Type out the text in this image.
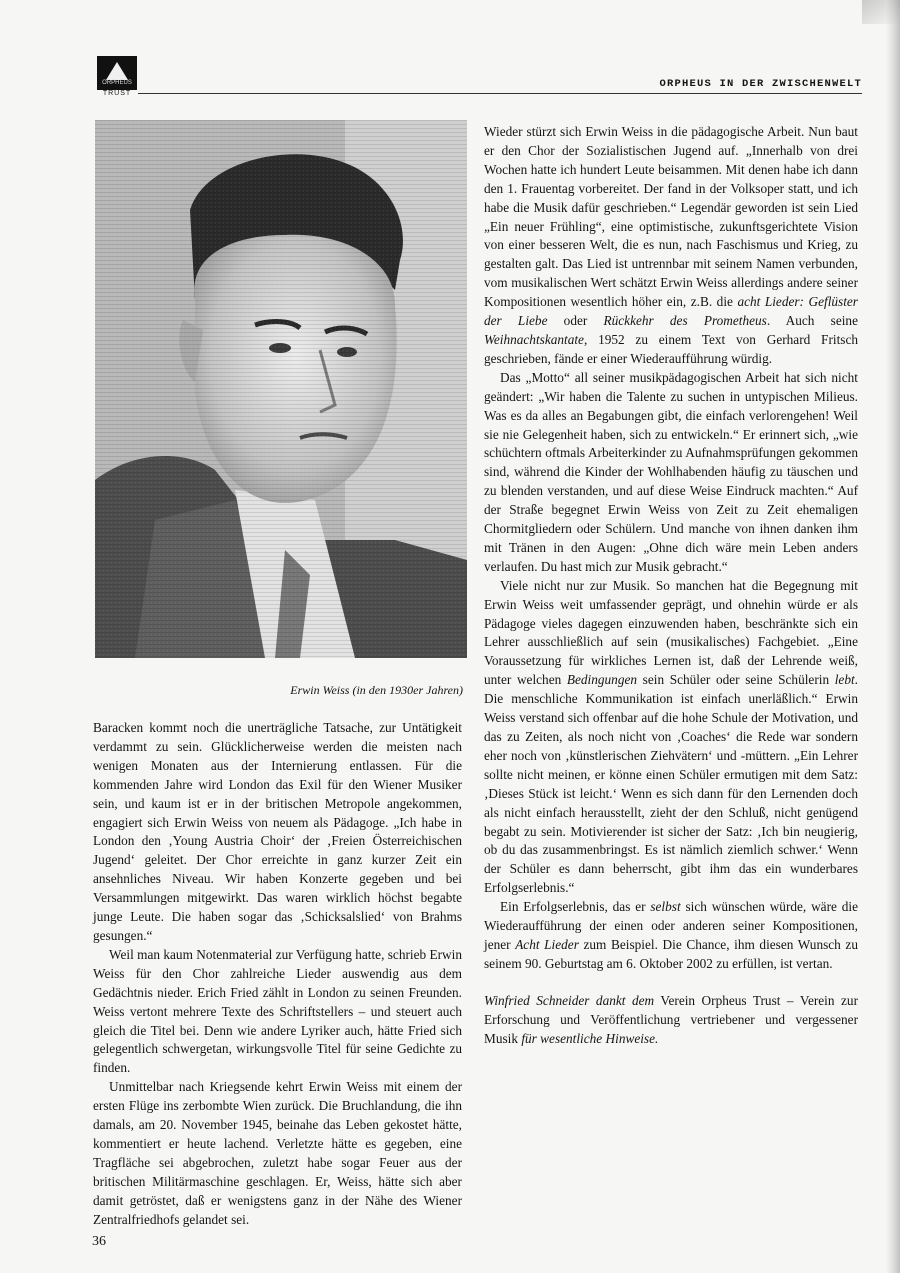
ORPHEUS
TRUST
ORPHEUS IN DER ZWISCHENWELT
Erwin Weiss (in den 1930er Jahren)

Baracken kommt noch die unerträgliche Tatsache, zur Untätigkeit verdammt zu sein. Glücklicherweise werden die meisten nach wenigen Monaten aus der Internierung entlassen. Für die kommenden Jahre wird London das Exil für den Wiener Musiker sein, und kaum ist er in der britischen Metropole angekommen, engagiert sich Erwin Weiss von neuem als Pädagoge. „Ich habe in London den ‚Young Austria Choir‘ der ‚Freien Österreichischen Jugend‘ geleitet. Der Chor erreichte in ganz kurzer Zeit ein ansehnliches Niveau. Wir haben Konzerte gegeben und bei Versammlungen mitgewirkt. Das waren wirklich höchst begabte junge Leute. Die haben sogar das ‚Schicksalslied‘ von Brahms gesungen.“

Weil man kaum Notenmaterial zur Verfügung hatte, schrieb Erwin Weiss für den Chor zahlreiche Lieder auswendig aus dem Gedächtnis nieder. Erich Fried zählt in London zu seinen Freunden. Weiss vertont mehrere Texte des Schriftstellers – und steuert auch gleich die Titel bei. Denn wie andere Lyriker auch, hätte Fried sich gelegentlich schwergetan, wirkungsvolle Titel für seine Gedichte zu finden.

Unmittelbar nach Kriegsende kehrt Erwin Weiss mit einem der ersten Flüge ins zerbombte Wien zurück. Die Bruchlandung, die ihn damals, am 20. November 1945, beinahe das Leben gekostet hätte, kommentiert er heute lachend. Verletzte hätte es gegeben, eine Tragfläche sei abgebrochen, zuletzt habe sogar Feuer aus der britischen Militärmaschine geschlagen. Er, Weiss, hätte sich aber damit getröstet, daß er wenigstens ganz in der Nähe des Wiener Zentralfriedhofs gelandet sei.

Wieder stürzt sich Erwin Weiss in die pädagogische Arbeit. Nun baut er den Chor der Sozialistischen Jugend auf. „Innerhalb von drei Wochen hatte ich hundert Leute beisammen. Mit denen habe ich dann den 1. Frauentag vorbereitet. Der fand in der Volksoper statt, und ich habe die Musik dafür geschrieben.“ Legendär geworden ist sein Lied „Ein neuer Frühling“, eine optimistische, zukunftsgerichtete Vision von einer besseren Welt, die es nun, nach Faschismus und Krieg, zu gestalten galt. Das Lied ist untrennbar mit seinem Namen verbunden, vom musikalischen Wert schätzt Erwin Weiss allerdings andere seiner Kompositionen wesentlich höher ein, z.B. die acht Lieder: Geflüster der Liebe oder Rückkehr des Prometheus. Auch seine Weihnachtskantate, 1952 zu einem Text von Gerhard Fritsch geschrieben, fände er einer Wiederaufführung würdig.

Das „Motto“ all seiner musikpädagogischen Arbeit hat sich nicht geändert: „Wir haben die Talente zu suchen in untypischen Milieus. Was es da alles an Begabungen gibt, die einfach verlorengehen! Weil sie nie Gelegenheit haben, sich zu entwickeln.“ Er erinnert sich, „wie schüchtern oftmals Arbeiterkinder zu Aufnahmsprüfungen gekommen sind, während die Kinder der Wohlhabenden häufig zu täuschen und zu blenden verstanden, und auf diese Weise Eindruck machten.“ Auf der Straße begegnet Erwin Weiss von Zeit zu Zeit ehemaligen Chormitgliedern oder Schülern. Und manche von ihnen danken ihm mit Tränen in den Augen: „Ohne dich wäre mein Leben anders verlaufen. Du hast mich zur Musik gebracht.“

Viele nicht nur zur Musik. So manchen hat die Begegnung mit Erwin Weiss weit umfassender geprägt, und ohnehin würde er als Pädagoge vieles dagegen einzuwenden haben, beschränkte sich ein Lehrer ausschließlich auf sein (musikalisches) Fachgebiet. „Eine Voraussetzung für wirkliches Lernen ist, daß der Lehrende weiß, unter welchen Bedingungen sein Schüler oder seine Schülerin lebt. Die menschliche Kommunikation ist einfach unerläßlich.“ Erwin Weiss verstand sich offenbar auf die hohe Schule der Motivation, und das zu Zeiten, als noch nicht von ‚Coaches‘ die Rede war sondern eher noch von ‚künstlerischen Ziehvätern‘ und -müttern. „Ein Lehrer sollte nicht meinen, er könne einen Schüler ermutigen mit dem Satz: ‚Dieses Stück ist leicht.‘ Wenn es sich dann für den Lernenden doch als nicht einfach herausstellt, zieht der den Schluß, nicht genügend begabt zu sein. Motivierender ist sicher der Satz: ‚Ich bin neugierig, ob du das zusammenbringst. Es ist nämlich ziemlich schwer.‘ Wenn der Schüler es dann beherrscht, gibt ihm das ein wunderbares Erfolgserlebnis.“

Ein Erfolgserlebnis, das er selbst sich wünschen würde, wäre die Wiederaufführung der einen oder anderen seiner Kompositionen, jener Acht Lieder zum Beispiel. Die Chance, ihm diesen Wunsch zu seinem 90. Geburtstag am 6. Oktober 2002 zu erfüllen, ist vertan.

Winfried Schneider dankt dem Verein Orpheus Trust – Verein zur Erforschung und Veröffentlichung vertriebener und vergessener Musik für wesentliche Hinweise.

36
